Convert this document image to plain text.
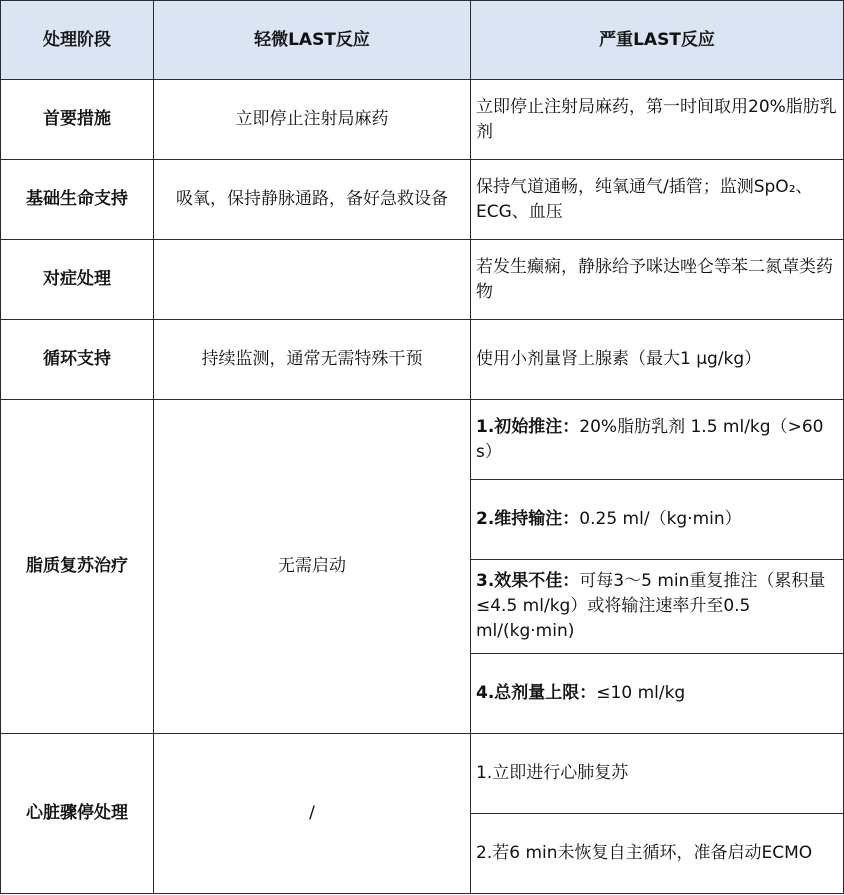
处理阶段	轻微LAST反应	严重LAST反应
首要措施	立即停止注射局麻药	立即停止注射局麻药，第一时间取用20%脂肪乳剂
基础生命支持	吸氧，保持静脉通路，备好急救设备	保持气道通畅，纯氧通气/插管；监测SpO₂、ECG、血压
对症处理		若发生癫痫，静脉给予咪达唑仑等苯二氮䓬类药物
循环支持	持续监测，通常无需特殊干预	使用小剂量肾上腺素（最大1 μg/kg）
脂质复苏治疗	无需启动	1.初始推注：20%脂肪乳剂 1.5 ml/kg（>60 s）
		2.维持输注：0.25 ml/（kg·min）
		3.效果不佳：可每3～5 min重复推注（累积量≤4.5 ml/kg）或将输注速率升至0.5 ml/(kg·min)
		4.总剂量上限：≤10 ml/kg
心脏骤停处理	/	1.立即进行心肺复苏
		2.若6 min未恢复自主循环，准备启动ECMO
